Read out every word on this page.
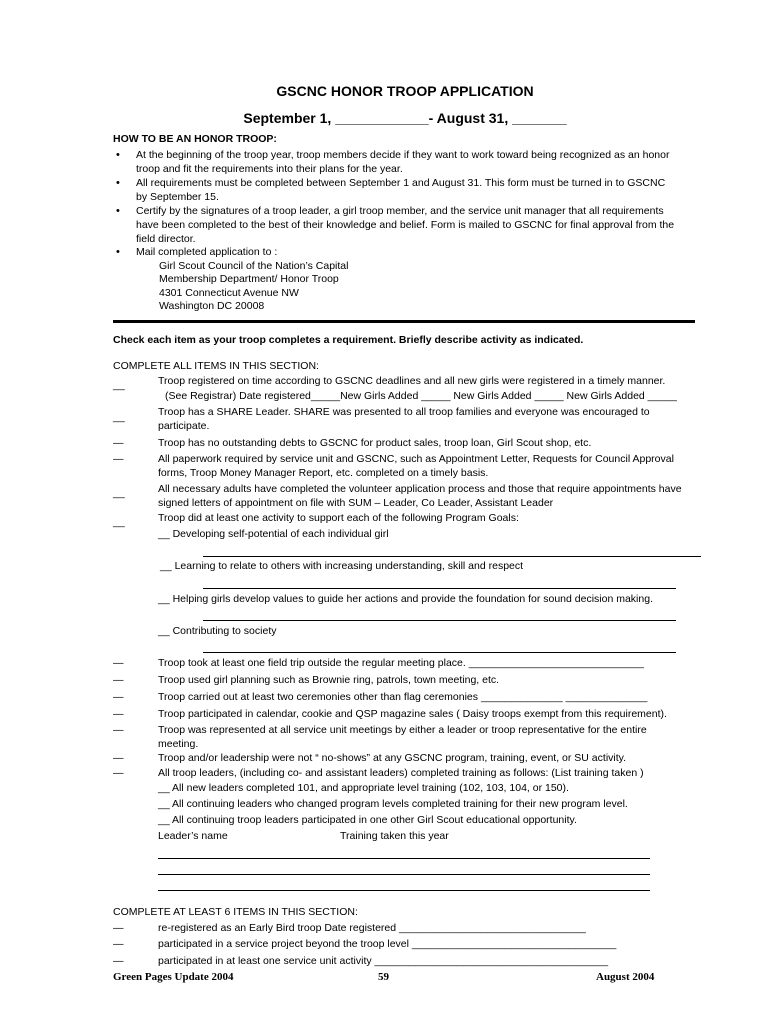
GSCNC HONOR TROOP APPLICATION
September 1, ____________- August 31, _______
HOW TO BE AN HONOR TROOP:
• At the beginning of the troop year, troop members decide if they want to work toward being recognized as an honor
troop and fit the requirements into their plans for the year.
• All requirements must be completed between September 1 and August 31. This form must be turned in to GSCNC
by September 15.
• Certify by the signatures of a troop leader, a girl troop member, and the service unit manager that all requirements
have been completed to the best of their knowledge and belief. Form is mailed to GSCNC for final approval from the
field director.
• Mail completed application to :
Girl Scout Council of the Nation’s Capital
Membership Department/ Honor Troop
4301 Connecticut Avenue NW
Washington DC 20008
Check each item as your troop completes a requirement. Briefly describe activity as indicated.
COMPLETE ALL ITEMS IN THIS SECTION:
__	Troop registered on time according to GSCNC deadlines and all new girls were registered in a timely manner.
(See Registrar) Date registered_____New Girls Added _____ New Girls Added _____ New Girls Added _____
__	Troop has a SHARE Leader. SHARE was presented to all troop families and everyone was encouraged to
participate.
—	Troop has no outstanding debts to GSCNC for product sales, troop loan, Girl Scout shop, etc.
—	All paperwork required by service unit and GSCNC, such as Appointment Letter, Requests for Council Approval
forms, Troop Money Manager Report, etc. completed on a timely basis.
__	All necessary adults have completed the volunteer application process and those that require appointments have
signed letters of appointment on file with SUM – Leader, Co Leader, Assistant Leader
__	Troop did at least one activity to support each of the following Program Goals:
__ Developing self-potential of each individual girl
__ Learning to relate to others with increasing understanding, skill and respect
__ Helping girls develop values to guide her actions and provide the foundation for sound decision making.
__ Contributing to society
—	Troop took at least one field trip outside the regular meeting place. ______________________________
—	Troop used girl planning such as Brownie ring, patrols, town meeting, etc.
—	Troop carried out at least two ceremonies other than flag ceremonies ______________ ______________
—	Troop participated in calendar, cookie and QSP magazine sales ( Daisy troops exempt from this requirement).
—	Troop was represented at all service unit meetings by either a leader or troop representative for the entire
meeting.
—	Troop and/or leadership were not “ no-shows” at any GSCNC program, training, event, or SU activity.
—	All troop leaders, (including co- and assistant leaders) completed training as follows: (List training taken )
__ All new leaders completed 101, and appropriate level training (102, 103, 104, or 150).
__ All continuing leaders who changed program levels completed training for their new program level.
__ All continuing troop leaders participated in one other Girl Scout educational opportunity.
Leader’s name	Training taken this year
COMPLETE AT LEAST 6 ITEMS IN THIS SECTION:
—	re-registered as an Early Bird troop Date registered ________________________________
—	participated in a service project beyond the troop level ___________________________________
—	participated in at least one service unit activity ________________________________________
Green Pages Update 2004	59	August 2004
